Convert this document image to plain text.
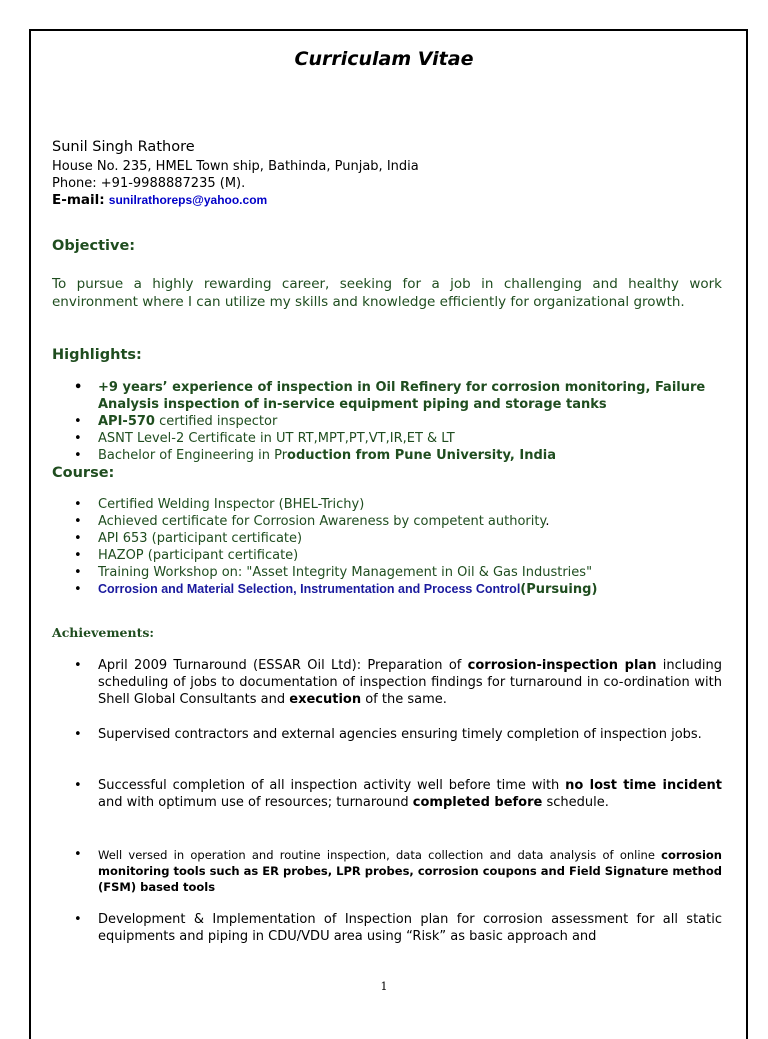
Curriculam Vitae
Sunil Singh Rathore
House No. 235, HMEL Town ship, Bathinda, Punjab, India
Phone: +91-9988887235 (M).
E-mail: sunilrathoreps@yahoo.com
Objective:
To pursue a highly rewarding career, seeking for a job in challenging and healthy work environment where I can utilize my skills and knowledge efficiently for organizational growth.
Highlights:
• +9 years’ experience of inspection in Oil Refinery for corrosion monitoring, Failure Analysis inspection of in-service equipment piping and storage tanks
• API-570 certified inspector
• ASNT Level-2 Certificate in UT RT,MPT,PT,VT,IR,ET & LT
• Bachelor of Engineering in Production from Pune University, India
Course:
• Certified Welding Inspector (BHEL-Trichy)
• Achieved certificate for Corrosion Awareness by competent authority.
• API 653 (participant certificate)
• HAZOP (participant certificate)
• Training Workshop on: "Asset Integrity Management in Oil & Gas Industries"
• Corrosion and Material Selection, Instrumentation and Process Control(Pursuing)
Achievements:
• April 2009 Turnaround (ESSAR Oil Ltd): Preparation of corrosion-inspection plan including scheduling of jobs to documentation of inspection findings for turnaround in co-ordination with Shell Global Consultants and execution of the same.
• Supervised contractors and external agencies ensuring timely completion of inspection jobs.
• Successful completion of all inspection activity well before time with no lost time incident and with optimum use of resources; turnaround completed before schedule.
• Well versed in operation and routine inspection, data collection and data analysis of online corrosion monitoring tools such as ER probes, LPR probes, corrosion coupons and Field Signature method (FSM) based tools
• Development & Implementation of Inspection plan for corrosion assessment for all static equipments and piping in CDU/VDU area using “Risk” as basic approach and
1
